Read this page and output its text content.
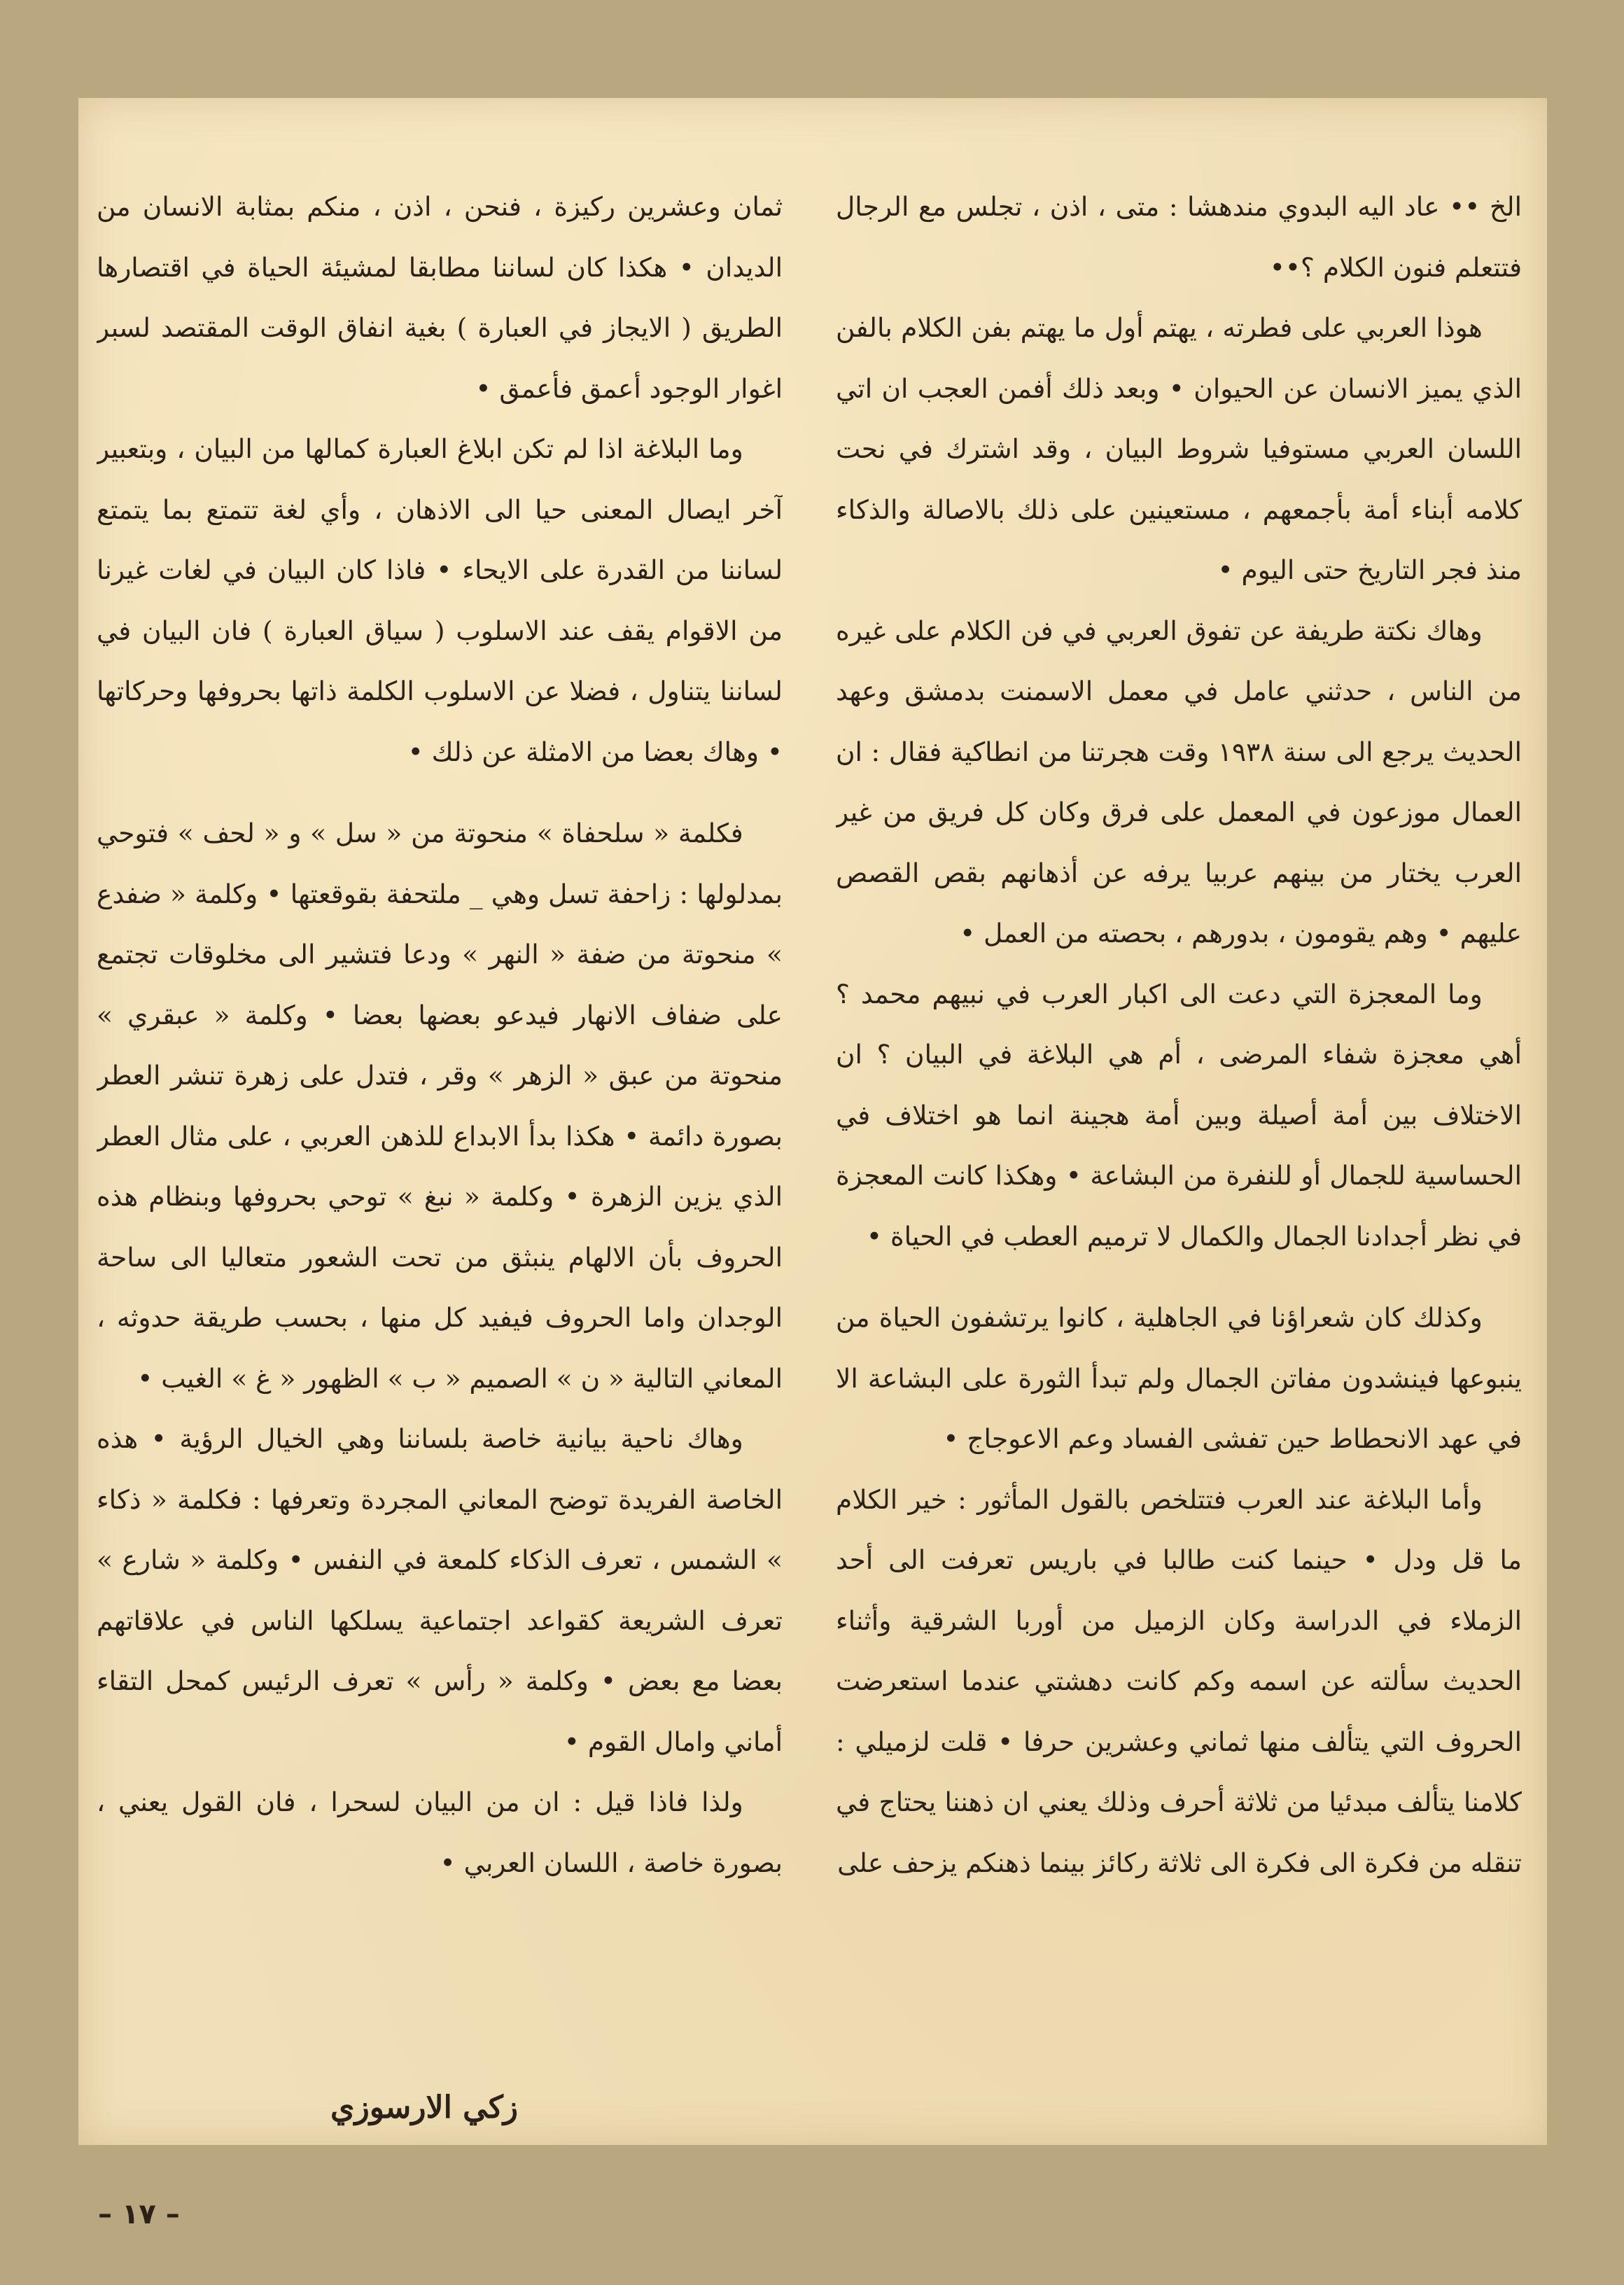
الخ •• عاد اليه البدوي مندهشا : متى ، اذن ، تجلس مع الرجال فتتعلم فنون الكلام ؟••

هوذا العربي على فطرته ، يهتم أول ما يهتم بفن الكلام بالفن الذي يميز الانسان عن الحيوان • وبعد ذلك أفمن العجب ان اتي اللسان العربي مستوفيا شروط البيان ، وقد اشترك في نحت كلامه أبناء أمة بأجمعهم ، مستعينين على ذلك بالاصالة والذكاء منذ فجر التاريخ حتى اليوم •

وهاك نكتة طريفة عن تفوق العربي في فن الكلام على غيره من الناس ، حدثني عامل في معمل الاسمنت بدمشق وعهد الحديث يرجع الى سنة ١٩٣٨ وقت هجرتنا من انطاكية فقال : ان العمال موزعون في المعمل على فرق وكان كل فريق من غير العرب يختار من بينهم عربيا يرفه عن أذهانهم بقص القصص عليهم • وهم يقومون ، بدورهم ، بحصته من العمل •

وما المعجزة التي دعت الى اكبار العرب في نبيهم محمد ؟ أهي معجزة شفاء المرضى ، أم هي البلاغة في البيان ؟ ان الاختلاف بين أمة أصيلة وبين أمة هجينة انما هو اختلاف في الحساسية للجمال أو للنفرة من البشاعة • وهكذا كانت المعجزة في نظر أجدادنا الجمال والكمال لا ترميم العطب في الحياة •

وكذلك كان شعراؤنا في الجاهلية ، كانوا يرتشفون الحياة من ينبوعها فينشدون مفاتن الجمال ولم تبدأ الثورة على البشاعة الا في عهد الانحطاط حين تفشى الفساد وعم الاعوجاج •

وأما البلاغة عند العرب فتتلخص بالقول المأثور : خير الكلام ما قل ودل • حينما كنت طالبا في باريس تعرفت الى أحد الزملاء في الدراسة وكان الزميل من أوربا الشرقية وأثناء الحديث سألته عن اسمه وكم كانت دهشتي عندما استعرضت الحروف التي يتألف منها ثماني وعشرين حرفا • قلت لزميلي : كلامنا يتألف مبدئيا من ثلاثة أحرف وذلك يعني ان ذهننا يحتاج في تنقله من فكرة الى فكرة الى ثلاثة ركائز بينما ذهنكم يزحف على

ثمان وعشرين ركيزة ، فنحن ، اذن ، منكم بمثابة الانسان من الديدان • هكذا كان لساننا مطابقا لمشيئة الحياة في اقتصارها الطريق ( الايجاز في العبارة ) بغية انفاق الوقت المقتصد لسبر اغوار الوجود أعمق فأعمق •

وما البلاغة اذا لم تكن ابلاغ العبارة كمالها من البيان ، وبتعبير آخر ايصال المعنى حيا الى الاذهان ، وأي لغة تتمتع بما يتمتع لساننا من القدرة على الايحاء • فاذا كان البيان في لغات غيرنا من الاقوام يقف عند الاسلوب ( سياق العبارة ) فان البيان في لساننا يتناول ، فضلا عن الاسلوب الكلمة ذاتها بحروفها وحركاتها • وهاك بعضا من الامثلة عن ذلك •

فكلمة « سلحفاة » منحوتة من « سل » و « لحف » فتوحي بمدلولها : زاحفة تسل وهي _ ملتحفة بقوقعتها • وكلمة « ضفدع » منحوتة من ضفة « النهر » ودعا فتشير الى مخلوقات تجتمع على ضفاف الانهار فيدعو بعضها بعضا • وكلمة « عبقري » منحوتة من عبق « الزهر » وقر ، فتدل على زهرة تنشر العطر بصورة دائمة • هكذا بدأ الابداع للذهن العربي ، على مثال العطر الذي يزين الزهرة • وكلمة « نبغ » توحي بحروفها وبنظام هذه الحروف بأن الالهام ينبثق من تحت الشعور متعاليا الى ساحة الوجدان واما الحروف فيفيد كل منها ، بحسب طريقة حدوثه ، المعاني التالية « ن » الصميم « ب » الظهور « غ » الغيب •

وهاك ناحية بيانية خاصة بلساننا وهي الخيال الرؤية • هذه الخاصة الفريدة توضح المعاني المجردة وتعرفها : فكلمة « ذكاء » الشمس ، تعرف الذكاء كلمعة في النفس • وكلمة « شارع » تعرف الشريعة كقواعد اجتماعية يسلكها الناس في علاقاتهم بعضا مع بعض • وكلمة « رأس » تعرف الرئيس كمحل التقاء أماني وامال القوم •

ولذا فاذا قيل : ان من البيان لسحرا ، فان القول يعني ، بصورة خاصة ، اللسان العربي •

زكي الارسوزي
– ١٧ –
